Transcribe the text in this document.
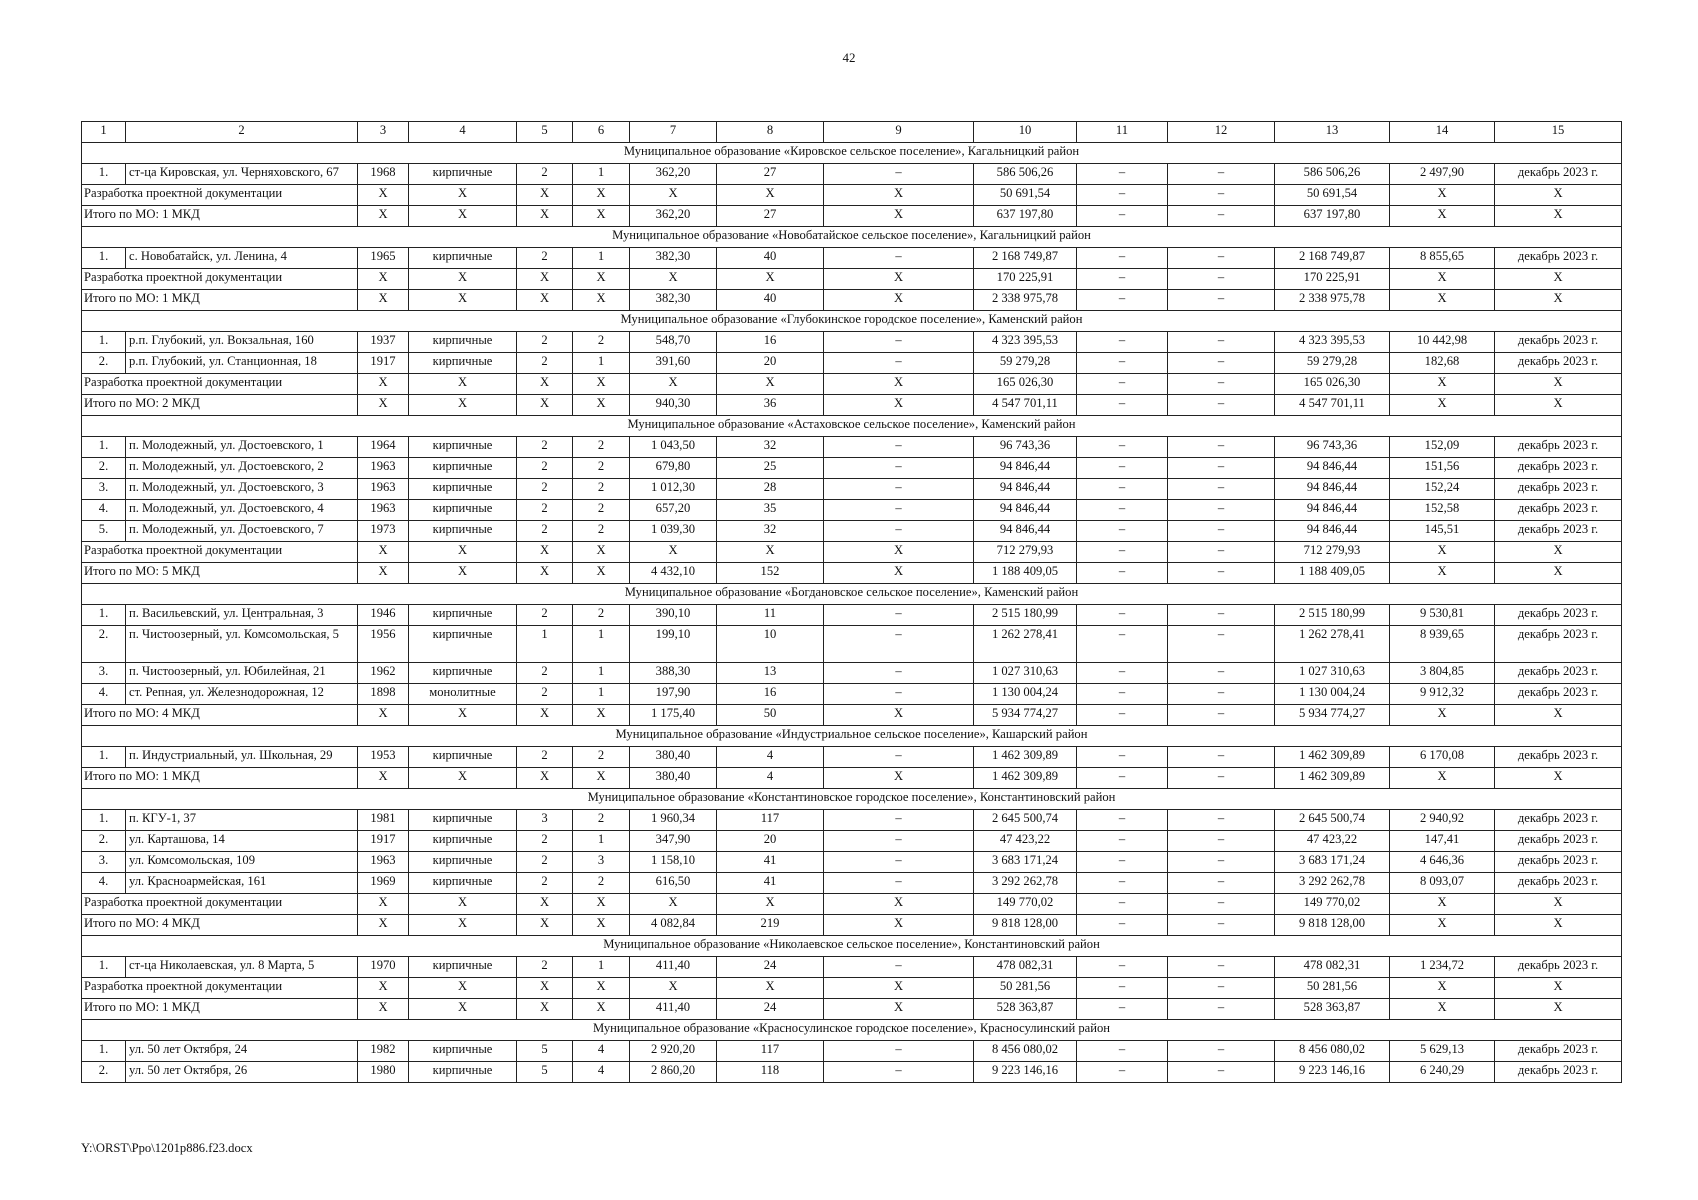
42
1	2	3	4	5	6	7	8	9	10	11	12	13	14	15
Муниципальное образование «Кировское сельское поселение», Кагальницкий район														
1.	ст-ца Кировская, ул. Черняховского, 67	1968	кирпичные	2	1	362,20	27	–	586 506,26	–	–	586 506,26	2 497,90	декабрь 2023 г.
Разработка проектной документации		X	X	X	X	X	X	X	50 691,54	–	–	50 691,54	X	X
Итого по МО: 1 МКД		X	X	X	X	362,20	27	X	637 197,80	–	–	637 197,80	X	X
Муниципальное образование «Новобатайское сельское поселение», Кагальницкий район														
1.	с. Новобатайск, ул. Ленина, 4	1965	кирпичные	2	1	382,30	40	–	2 168 749,87	–	–	2 168 749,87	8 855,65	декабрь 2023 г.
Разработка проектной документации		X	X	X	X	X	X	X	170 225,91	–	–	170 225,91	X	X
Итого по МО: 1 МКД		X	X	X	X	382,30	40	X	2 338 975,78	–	–	2 338 975,78	X	X
Муниципальное образование «Глубокинское городское поселение», Каменский район														
1.	р.п. Глубокий, ул. Вокзальная, 160	1937	кирпичные	2	2	548,70	16	–	4 323 395,53	–	–	4 323 395,53	10 442,98	декабрь 2023 г.
2.	р.п. Глубокий, ул. Станционная, 18	1917	кирпичные	2	1	391,60	20	–	59 279,28	–	–	59 279,28	182,68	декабрь 2023 г.
Разработка проектной документации		X	X	X	X	X	X	X	165 026,30	–	–	165 026,30	X	X
Итого по МО: 2 МКД		X	X	X	X	940,30	36	X	4 547 701,11	–	–	4 547 701,11	X	X
Муниципальное образование «Астаховское сельское поселение», Каменский район														
1.	п. Молодежный, ул. Достоевского, 1	1964	кирпичные	2	2	1 043,50	32	–	96 743,36	–	–	96 743,36	152,09	декабрь 2023 г.
2.	п. Молодежный, ул. Достоевского, 2	1963	кирпичные	2	2	679,80	25	–	94 846,44	–	–	94 846,44	151,56	декабрь 2023 г.
3.	п. Молодежный, ул. Достоевского, 3	1963	кирпичные	2	2	1 012,30	28	–	94 846,44	–	–	94 846,44	152,24	декабрь 2023 г.
4.	п. Молодежный, ул. Достоевского, 4	1963	кирпичные	2	2	657,20	35	–	94 846,44	–	–	94 846,44	152,58	декабрь 2023 г.
5.	п. Молодежный, ул. Достоевского, 7	1973	кирпичные	2	2	1 039,30	32	–	94 846,44	–	–	94 846,44	145,51	декабрь 2023 г.
Разработка проектной документации		X	X	X	X	X	X	X	712 279,93	–	–	712 279,93	X	X
Итого по МО: 5 МКД		X	X	X	X	4 432,10	152	X	1 188 409,05	–	–	1 188 409,05	X	X
Муниципальное образование «Богдановское сельское поселение», Каменский район														
1.	п. Васильевский, ул. Центральная, 3	1946	кирпичные	2	2	390,10	11	–	2 515 180,99	–	–	2 515 180,99	9 530,81	декабрь 2023 г.
2.	п. Чистоозерный, ул. Комсомольская, 5	1956	кирпичные	1	1	199,10	10	–	1 262 278,41	–	–	1 262 278,41	8 939,65	декабрь 2023 г.
3.	п. Чистоозерный, ул. Юбилейная, 21	1962	кирпичные	2	1	388,30	13	–	1 027 310,63	–	–	1 027 310,63	3 804,85	декабрь 2023 г.
4.	ст. Репная, ул. Железнодорожная, 12	1898	монолитные	2	1	197,90	16	–	1 130 004,24	–	–	1 130 004,24	9 912,32	декабрь 2023 г.
Итого по МО: 4 МКД		X	X	X	X	1 175,40	50	X	5 934 774,27	–	–	5 934 774,27	X	X
Муниципальное образование «Индустриальное сельское поселение», Кашарский район														
1.	п. Индустриальный, ул. Школьная, 29	1953	кирпичные	2	2	380,40	4	–	1 462 309,89	–	–	1 462 309,89	6 170,08	декабрь 2023 г.
Итого по МО: 1 МКД		X	X	X	X	380,40	4	X	1 462 309,89	–	–	1 462 309,89	X	X
Муниципальное образование «Константиновское городское поселение», Константиновский район														
1.	п. КГУ-1, 37	1981	кирпичные	3	2	1 960,34	117	–	2 645 500,74	–	–	2 645 500,74	2 940,92	декабрь 2023 г.
2.	ул. Карташова, 14	1917	кирпичные	2	1	347,90	20	–	47 423,22	–	–	47 423,22	147,41	декабрь 2023 г.
3.	ул. Комсомольская, 109	1963	кирпичные	2	3	1 158,10	41	–	3 683 171,24	–	–	3 683 171,24	4 646,36	декабрь 2023 г.
4.	ул. Красноармейская, 161	1969	кирпичные	2	2	616,50	41	–	3 292 262,78	–	–	3 292 262,78	8 093,07	декабрь 2023 г.
Разработка проектной документации		X	X	X	X	X	X	X	149 770,02	–	–	149 770,02	X	X
Итого по МО: 4 МКД		X	X	X	X	4 082,84	219	X	9 818 128,00	–	–	9 818 128,00	X	X
Муниципальное образование «Николаевское сельское поселение», Константиновский район														
1.	ст-ца Николаевская, ул. 8 Марта, 5	1970	кирпичные	2	1	411,40	24	–	478 082,31	–	–	478 082,31	1 234,72	декабрь 2023 г.
Разработка проектной документации		X	X	X	X	X	X	X	50 281,56	–	–	50 281,56	X	X
Итого по МО: 1 МКД		X	X	X	X	411,40	24	X	528 363,87	–	–	528 363,87	X	X
Муниципальное образование «Красносулинское городское поселение», Красносулинский район														
1.	ул. 50 лет Октября, 24	1982	кирпичные	5	4	2 920,20	117	–	8 456 080,02	–	–	8 456 080,02	5 629,13	декабрь 2023 г.
2.	ул. 50 лет Октября, 26	1980	кирпичные	5	4	2 860,20	118	–	9 223 146,16	–	–	9 223 146,16	6 240,29	декабрь 2023 г.
Y:\ORST\Ppo\1201p886.f23.docx
